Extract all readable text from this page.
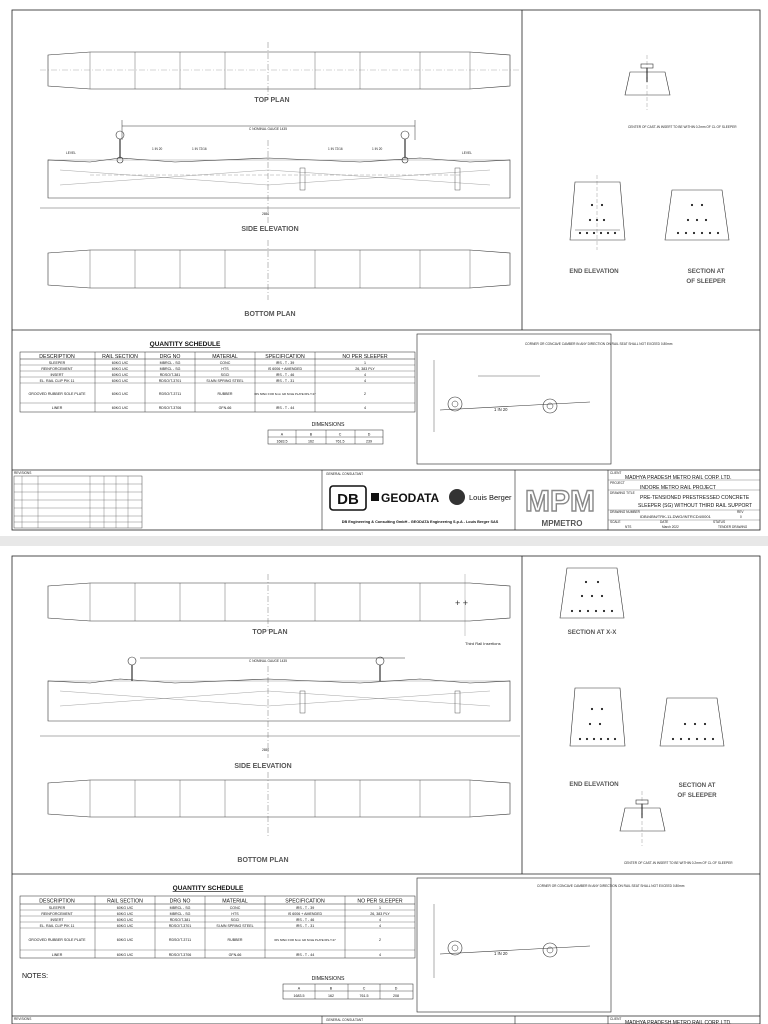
TOP PLAN
C NOMINAL GAUGE 1435
2650
LEVEL
1 IN 20	1 IN 72/16	1 IN 72/16	1 IN 20
LEVEL
SIDE ELEVATION
BOTTOM PLAN
CENTER OF CAST-IN INSERT TO BE WITHIN 0.2mm OF CL OF SLEEPER
END ELEVATION	SECTION AT
OF SLEEPER
QUANTITY SCHEDULE
DESCRIPTION	RAIL SECTION	DRG NO	MATERIAL	SPECIFICATION	NO PER SLEEPER
SLEEPER	60KG UIC	MBRCL - SG	CONC	IRS - T - 39	1
REINFORCEMENT	60KG UIC	MBRCL - SG	HTS	IS 6006 + AMENDED	26, 383 PLY
INSERT	60KG UIC	RDSO/T-381	SGCI	IRS - T - 46	4
EL. RAIL CLIP PIK 11	60KG UIC	RDSO/T-3701	SI-MN SPRING STEEL	IRS - T - 31	4
GROOVED RUBBER SOLE PLATE	60KG UIC	RDSO/T-3711	RUBBER	IRS SPEC FOR 6mm GR SOLE PLATE IRS-T-37	2
LINER	60KG UIC	RDSO/T-3706	GFN-66	IRS - T - 44	4
DIMENSIONS
A	B	C	D
1683.5	162	761.5	239
CORNER OR CONCAVE CAMBER IN ANY DIRECTION ON RAIL SEAT SHALL NOT EXCEED 0.80mm
1 IN 20
REVISIONS	GENERAL CONSULTANT
DB GEODATA	Louis Berger
DB Engineering & Consulting GmbH - GEODATA Engineering S.p.A - Louis Berger SAS
MPM
MPMETRO
CLIENT
MADHYA PRADESH METRO RAIL CORP. LTD.
PROJECT
INDORE METRO RAIL PROJECT
DRAWING TITLE
PRE-TENSIONED PRESTRESSED CONCRETE
SLEEPER (SG) WITHOUT THIRD RAIL SUPPORT
DRAWING NUMBER
IDBI/4BN/TRK-11-DWG/INTRCD4/0001
REV
0
SCALE
NTS
DATE
March 2022
STATUS
TENDER DRAWING
+ +
TOP PLAN
Third Rail Insertions
C NOMINAL GAUGE 1435
2650
SIDE ELEVATION
BOTTOM PLAN
SECTION AT X-X
END ELEVATION	SECTION AT
OF SLEEPER
CENTER OF CAST-IN INSERT TO BE WITHIN 0.2mm OF CL OF SLEEPER
QUANTITY SCHEDULE
DESCRIPTION	RAIL SECTION	DRG NO	MATERIAL	SPECIFICATION	NO PER SLEEPER
SLEEPER	60KG UIC	MBRCL - SG	CONC	IRS - T - 39	1
REINFORCEMENT	60KG UIC	MBRCL - SG	HTS	IS 6006 + AMENDED	26, 383 PLY
INSERT	60KG UIC	RDSO/T-381	SGCI	IRS - T - 46	4
EL. RAIL CLIP PIK 11	60KG UIC	RDSO/T-3701	SI-MN SPRING STEEL	IRS - T - 31	4
GROOVED RUBBER SOLE PLATE	60KG UIC	RDSO/T-3711	RUBBER	IRS SPEC FOR 6mm GR SOLE PLATE IRS-T-37	2
LINER	60KG UIC	RDSO/T-3706	GFN-66	IRS - T - 44	4
NOTES:	DIMENSIONS
A	B	C	D
1683.5	162	761.5	208
CORNER OR CONCAVE CAMBER IN ANY DIRECTION ON RAIL SEAT SHALL NOT EXCEED 0.80mm
1 IN 20
REVISIONS	GENERAL CONSULTANT	CLIENT
MADHYA PRADESH METRO RAIL CORP. LTD.
